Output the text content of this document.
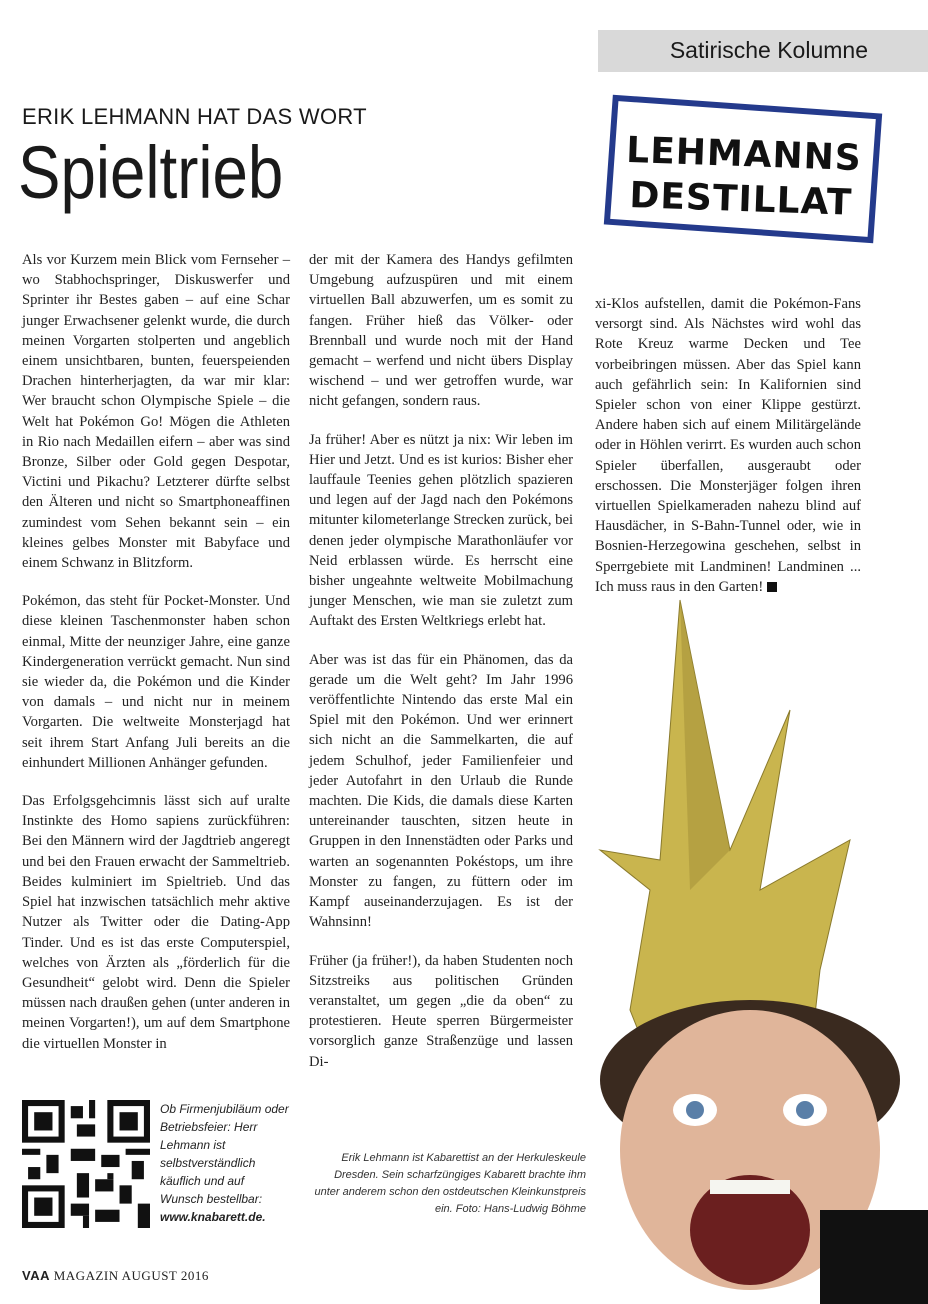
Satirische Kolumne
ERIK LEHMANN HAT DAS WORT
Spieltrieb	LEHMANNS
DESTILLAT

Als vor Kurzem mein Blick vom Fernseher – wo Stabhochspringer, Diskuswerfer und Sprinter ihr Bestes gaben – auf eine Schar junger Erwachsener gelenkt wurde, die durch meinen Vorgarten stolperten und angeblich einem unsichtbaren, bunten, feuerspeienden Drachen hinterherjagten, da war mir klar: Wer braucht schon Olympische Spiele – die Welt hat Pokémon Go! Mögen die Athleten in Rio nach Medaillen eifern – aber was sind Bronze, Silber oder Gold gegen Despotar, Victini und Pikachu? Letzterer dürfte selbst den Älteren und nicht so Smartphoneaffinen zumindest vom Sehen bekannt sein – ein kleines gelbes Monster mit Babyface und einem Schwanz in Blitzform.

Pokémon, das steht für Pocket-Monster. Und diese kleinen Taschenmonster haben schon einmal, Mitte der neunziger Jahre, eine ganze Kindergeneration verrückt gemacht. Nun sind sie wieder da, die Pokémon und die Kinder von damals – und nicht nur in meinem Vorgarten. Die weltweite Monsterjagd hat seit ihrem Start Anfang Juli bereits an die einhundert Millionen Anhänger gefunden.

Das Erfolgsgehcimnis lässt sich auf uralte Instinkte des Homo sapiens zurückführen: Bei den Männern wird der Jagdtrieb angeregt und bei den Frauen erwacht der Sammeltrieb. Beides kulminiert im Spieltrieb. Und das Spiel hat inzwischen tatsächlich mehr aktive Nutzer als Twitter oder die Dating-App Tinder. Und es ist das erste Computerspiel, welches von Ärzten als „förderlich für die Gesundheit“ gelobt wird. Denn die Spieler müssen nach draußen gehen (unter anderen in meinen Vorgarten!), um auf dem Smartphone die virtuellen Monster in

der mit der Kamera des Handys gefilmten Umgebung aufzuspüren und mit einem virtuellen Ball abzuwerfen, um es somit zu fangen. Früher hieß das Völker- oder Brennball und wurde noch mit der Hand gemacht – werfend und nicht übers Display wischend – und wer getroffen wurde, war nicht gefangen, sondern raus.

Ja früher! Aber es nützt ja nix: Wir leben im Hier und Jetzt. Und es ist kurios: Bisher eher lauffaule Teenies gehen plötzlich spazieren und legen auf der Jagd nach den Pokémons mitunter kilometerlange Strecken zurück, bei denen jeder olympische Marathonläufer vor Neid erblassen würde. Es herrscht eine bisher ungeahnte weltweite Mobilmachung junger Menschen, wie man sie zuletzt zum Auftakt des Ersten Weltkriegs erlebt hat.

Aber was ist das für ein Phänomen, das da gerade um die Welt geht? Im Jahr 1996 veröffentlichte Nintendo das erste Mal ein Spiel mit den Pokémon. Und wer erinnert sich nicht an die Sammelkarten, die auf jedem Schulhof, jeder Familienfeier und jeder Autofahrt in den Urlaub die Runde machten. Die Kids, die damals diese Karten untereinander tauschten, sitzen heute in Gruppen in den Innenstädten oder Parks und warten an sogenannten Pokéstops, um ihre Monster zu fangen, zu füttern oder im Kampf auseinanderzujagen. Es ist der Wahnsinn!

Früher (ja früher!), da haben Studenten noch Sitzstreiks aus politischen Gründen veranstaltet, um gegen „die da oben“ zu protestieren. Heute sperren Bürgermeister vorsorglich ganze Straßenzüge und lassen Di-

xi-Klos aufstellen, damit die Pokémon-Fans versorgt sind. Als Nächstes wird wohl das Rote Kreuz warme Decken und Tee vorbeibringen müssen. Aber das Spiel kann auch gefährlich sein: In Kalifornien sind Spieler schon von einer Klippe gestürzt. Andere haben sich auf einem Militärgelände oder in Höhlen verirrt. Es wurden auch schon Spieler überfallen, ausgeraubt oder erschossen. Die Monsterjäger folgen ihren virtuellen Spielkameraden nahezu blind auf Hausdächer, in S-Bahn-Tunnel oder, wie in Bosnien-Herzegowina geschehen, selbst in Sperrgebiete mit Landminen! Landminen ... Ich muss raus in den Garten!

Erik Lehmann ist Kabarettist an der Herkuleskeule Dresden. Sein scharfzüngiges Kabarett brachte ihm unter anderem schon den ostdeutschen Kleinkunstpreis ein. Foto: Hans-Ludwig Böhme
Ob Firmenjubiläum oder Betriebsfeier: Herr Lehmann ist selbstverständlich käuflich und auf Wunsch bestellbar: www.knabarett.de.
VAA MAGAZIN AUGUST 2016
